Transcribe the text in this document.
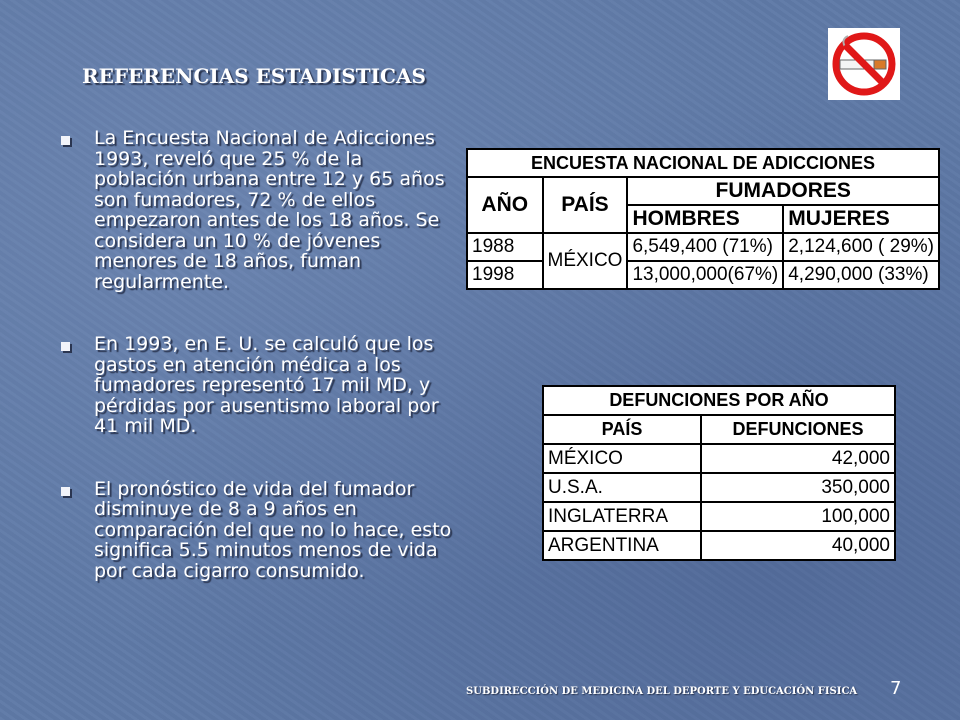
REFERENCIAS ESTADISTICAS
La Encuesta Nacional de Adicciones 1993, reveló que 25 % de la población urbana entre 12 y 65 años son fumadores, 72 % de ellos empezaron antes de los 18 años. Se considera un 10 % de jóvenes menores de 18 años, fuman regularmente.
En 1993, en E. U. se calculó que los gastos en atención médica a los fumadores representó 17 mil MD, y pérdidas por ausentismo laboral por 41 mil MD.
El pronóstico de vida del fumador disminuye de 8 a 9 años en comparación del que no lo hace, esto significa 5.5 minutos menos de vida por cada cigarro consumido.
ENCUESTA NACIONAL DE ADICCIONES			
AÑO	PAÍS	FUMADORES	
		HOMBRES	MUJERES
1988	MÉXICO	6,549,400 (71%)	2,124,600 ( 29%)
1998		13,000,000(67%)	4,290,000 (33%)
DEFUNCIONES POR AÑO	
PAÍS	DEFUNCIONES
MÉXICO	42,000
U.S.A.	350,000
INGLATERRA	100,000
ARGENTINA	40,000
SUBDIRECCIÓN DE MEDICINA DEL DEPORTE Y EDUCACIÓN FISICA 7
